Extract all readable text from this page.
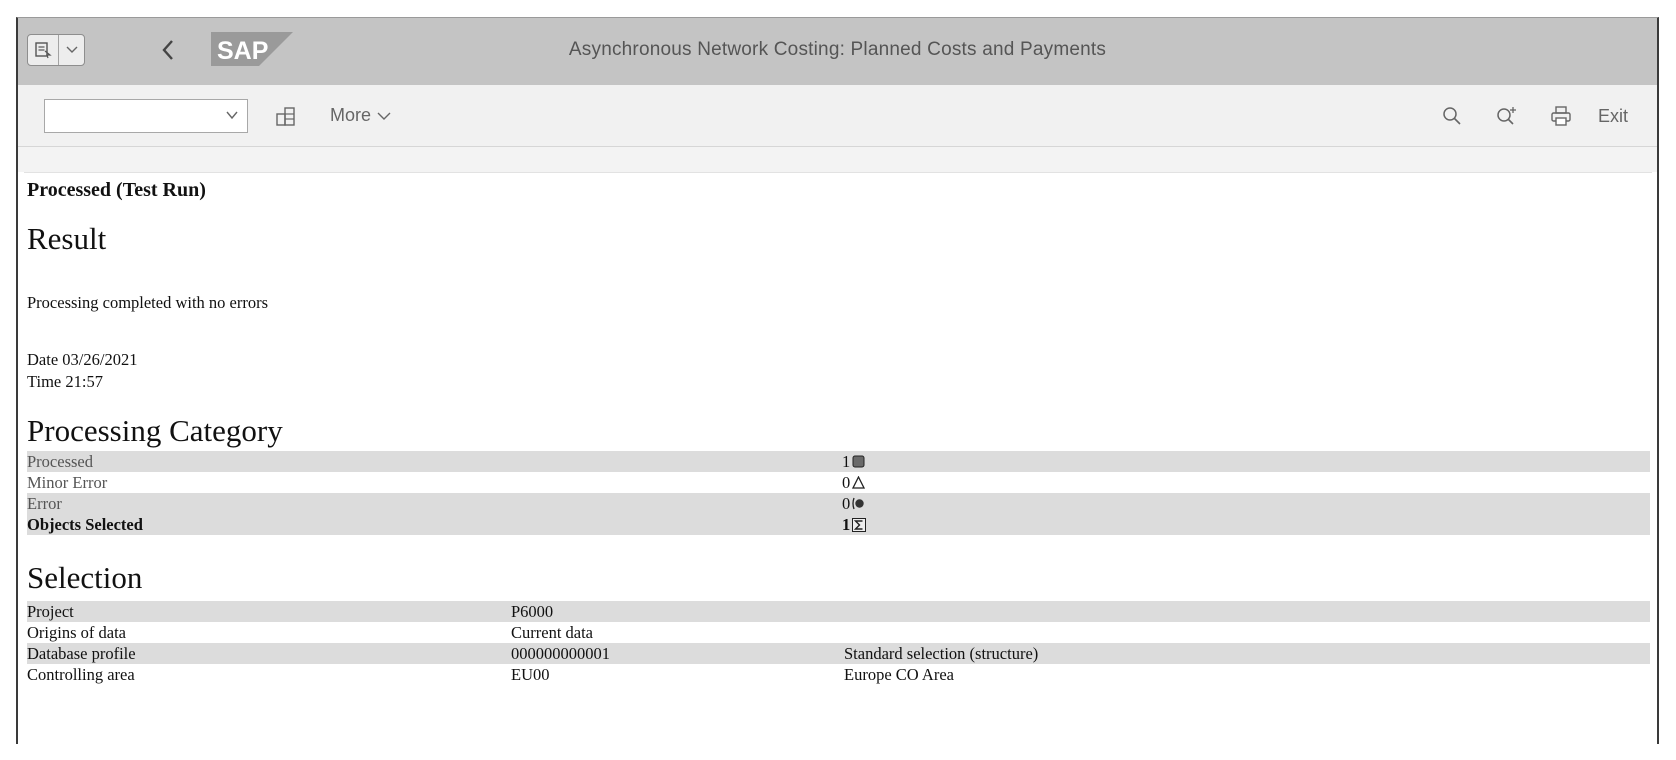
SAP	Asynchronous Network Costing: Planned Costs and Payments
More	Exit
Processed (Test Run)
Result
Processing completed with no errors
Date 03/26/2021
Time 21:57
Processing Category
Processed	1
Minor Error	0
Error	0
Objects Selected	1
Selection
Project	P6000
Origins of data	Current data
Database profile	000000000001	Standard selection (structure)
Controlling area	EU00	Europe CO Area
